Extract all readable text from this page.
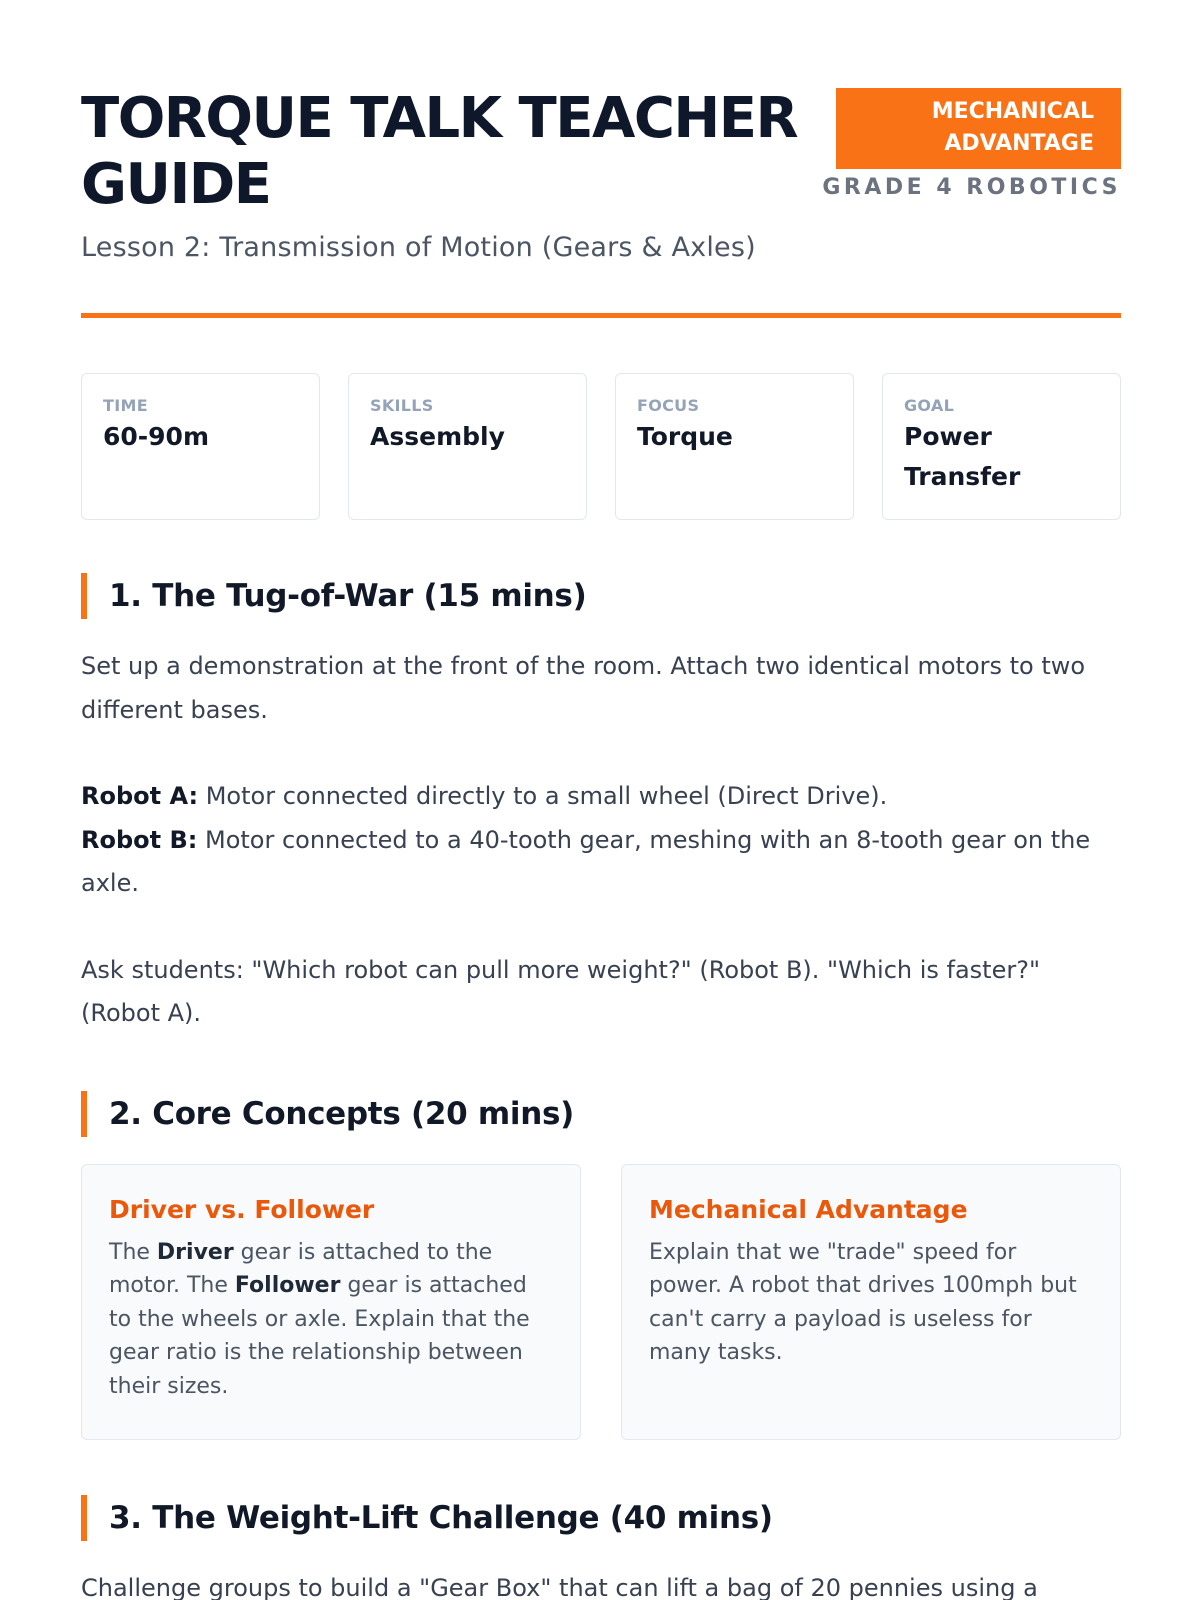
TORQUE TALK TEACHER GUIDE
Lesson 2: Transmission of Motion (Gears & Axles)
MECHANICAL ADVANTAGE
GRADE 4 ROBOTICS
TIME
60-90m
SKILLS
Assembly
FOCUS
Torque
GOAL
Power Transfer
1. The Tug-of-War (15 mins)

Set up a demonstration at the front of the room. Attach two identical motors to two different bases.

Robot A: Motor connected directly to a small wheel (Direct Drive).
Robot B: Motor connected to a 40-tooth gear, meshing with an 8-tooth gear on the axle.

Ask students: "Which robot can pull more weight?" (Robot B). "Which is faster?" (Robot A).

2. Core Concepts (20 mins)
Driver vs. Follower

The Driver gear is attached to the motor. The Follower gear is attached to the wheels or axle. Explain that the gear ratio is the relationship between their sizes.

Mechanical Advantage

Explain that we "trade" speed for power. A robot that drives 100mph but can't carry a payload is useless for many tasks.

3. The Weight-Lift Challenge (40 mins)

Challenge groups to build a "Gear Box" that can lift a bag of 20 pennies using a
